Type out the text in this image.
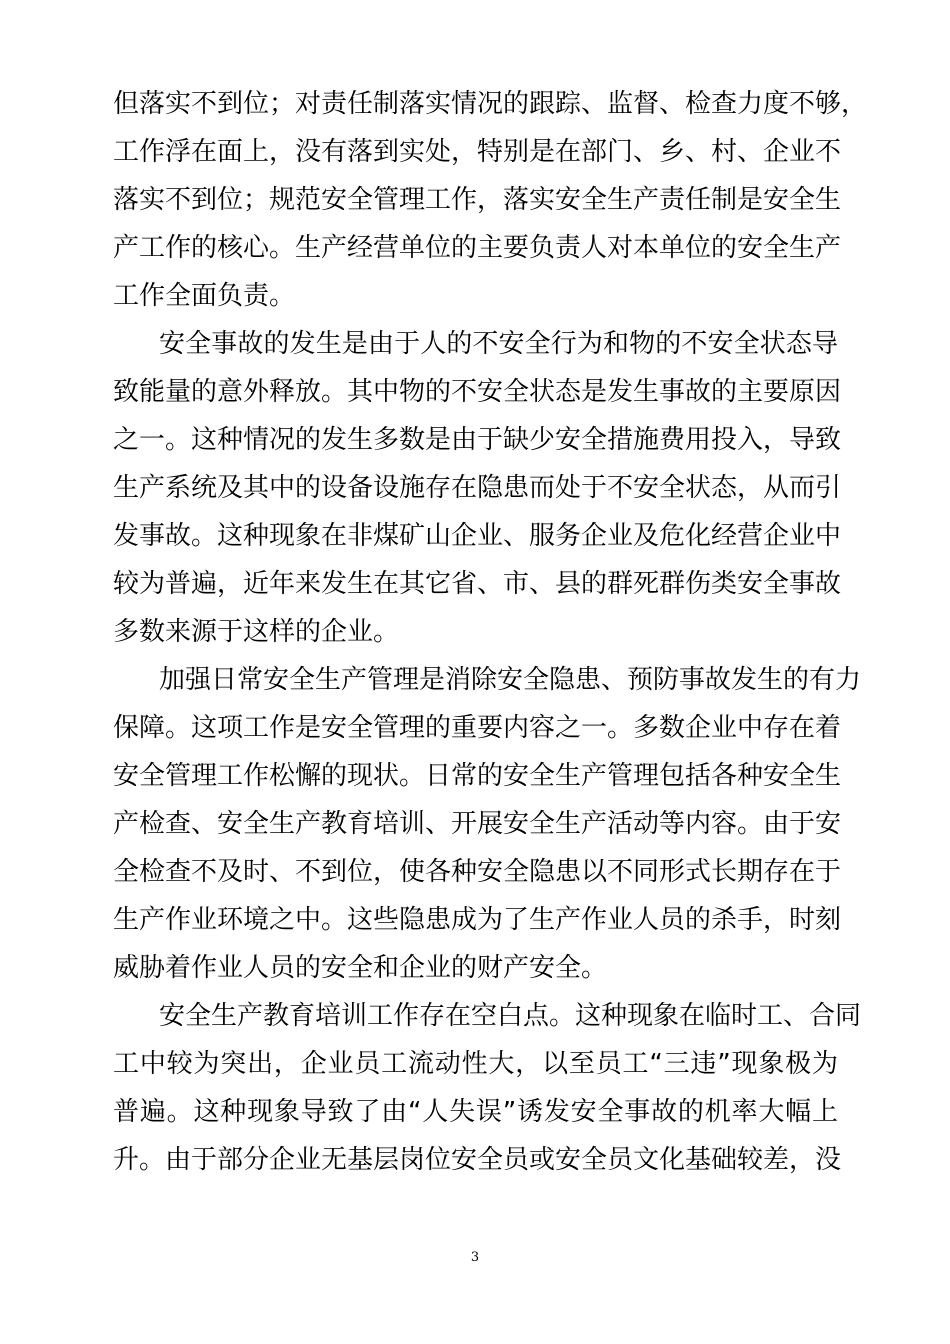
但落实不到位；对责任制落实情况的跟踪、监督、检查力度不够，
工作浮在面上，没有落到实处，特别是在部门、乡、村、企业不
落实不到位；规范安全管理工作，落实安全生产责任制是安全生
产工作的核心。生产经营单位的主要负责人对本单位的安全生产
工作全面负责。
安全事故的发生是由于人的不安全行为和物的不安全状态导
致能量的意外释放。其中物的不安全状态是发生事故的主要原因
之一。这种情况的发生多数是由于缺少安全措施费用投入，导致
生产系统及其中的设备设施存在隐患而处于不安全状态，从而引
发事故。这种现象在非煤矿山企业、服务企业及危化经营企业中
较为普遍，近年来发生在其它省、市、县的群死群伤类安全事故
多数来源于这样的企业。
加强日常安全生产管理是消除安全隐患、预防事故发生的有力
保障。这项工作是安全管理的重要内容之一。多数企业中存在着
安全管理工作松懈的现状。日常的安全生产管理包括各种安全生
产检查、安全生产教育培训、开展安全生产活动等内容。由于安
全检查不及时、不到位，使各种安全隐患以不同形式长期存在于
生产作业环境之中。这些隐患成为了生产作业人员的杀手，时刻
威胁着作业人员的安全和企业的财产安全。
安全生产教育培训工作存在空白点。这种现象在临时工、合同
工中较为突出，企业员工流动性大，以至员工“三违”现象极为
普遍。这种现象导致了由“人失误”诱发安全事故的机率大幅上
升。由于部分企业无基层岗位安全员或安全员文化基础较差，没
3
